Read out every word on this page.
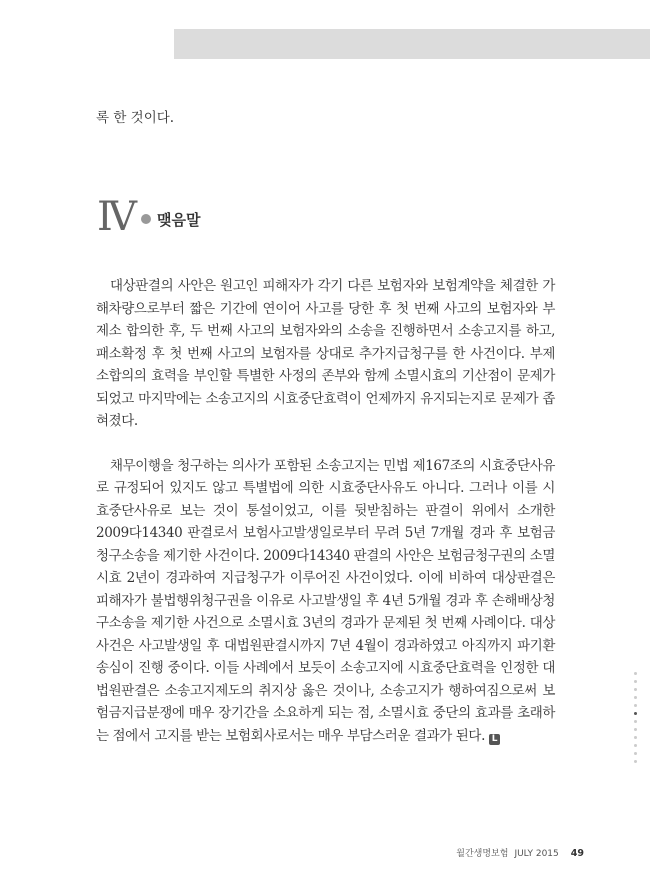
록 한 것이다.
Ⅳ 맺음말

대상판결의 사안은 원고인 피해자가 각기 다른 보험자와 보험계약을 체결한 가해차량으로부터 짧은 기간에 연이어 사고를 당한 후 첫 번째 사고의 보험자와 부제소 합의한 후, 두 번째 사고의 보험자와의 소송을 진행하면서 소송고지를 하고, 패소확정 후 첫 번째 사고의 보험자를 상대로 추가지급청구를 한 사건이다. 부제소합의의 효력을 부인할 특별한 사정의 존부와 함께 소멸시효의 기산점이 문제가 되었고 마지막에는 소송고지의 시효중단효력이 언제까지 유지되는지로 문제가 좁혀졌다.

채무이행을 청구하는 의사가 포함된 소송고지는 민법 제167조의 시효중단사유로 규정되어 있지도 않고 특별법에 의한 시효중단사유도 아니다. 그러나 이를 시효중단사유로 보는 것이 통설이었고, 이를 뒷받침하는 판결이 위에서 소개한 2009다14340 판결로서 보험사고발생일로부터 무려 5년 7개월 경과 후 보험금청구소송을 제기한 사건이다. 2009다14340 판결의 사안은 보험금청구권의 소멸시효 2년이 경과하여 지급청구가 이루어진 사건이었다. 이에 비하여 대상판결은 피해자가 불법행위청구권을 이유로 사고발생일 후 4년 5개월 경과 후 손해배상청구소송을 제기한 사건으로 소멸시효 3년의 경과가 문제된 첫 번째 사례이다. 대상사건은 사고발생일 후 대법원판결시까지 7년 4월이 경과하였고 아직까지 파기환송심이 진행 중이다. 이들 사례에서 보듯이 소송고지에 시효중단효력을 인정한 대법원판결은 소송고지제도의 취지상 옳은 것이나, 소송고지가 행하여짐으로써 보험금지급분쟁에 매우 장기간을 소요하게 되는 점, 소멸시효 중단의 효과를 초래하는 점에서 고지를 받는 보험회사로서는 매우 부담스러운 결과가 된다. L

월간생명보험 JULY 2015 49
